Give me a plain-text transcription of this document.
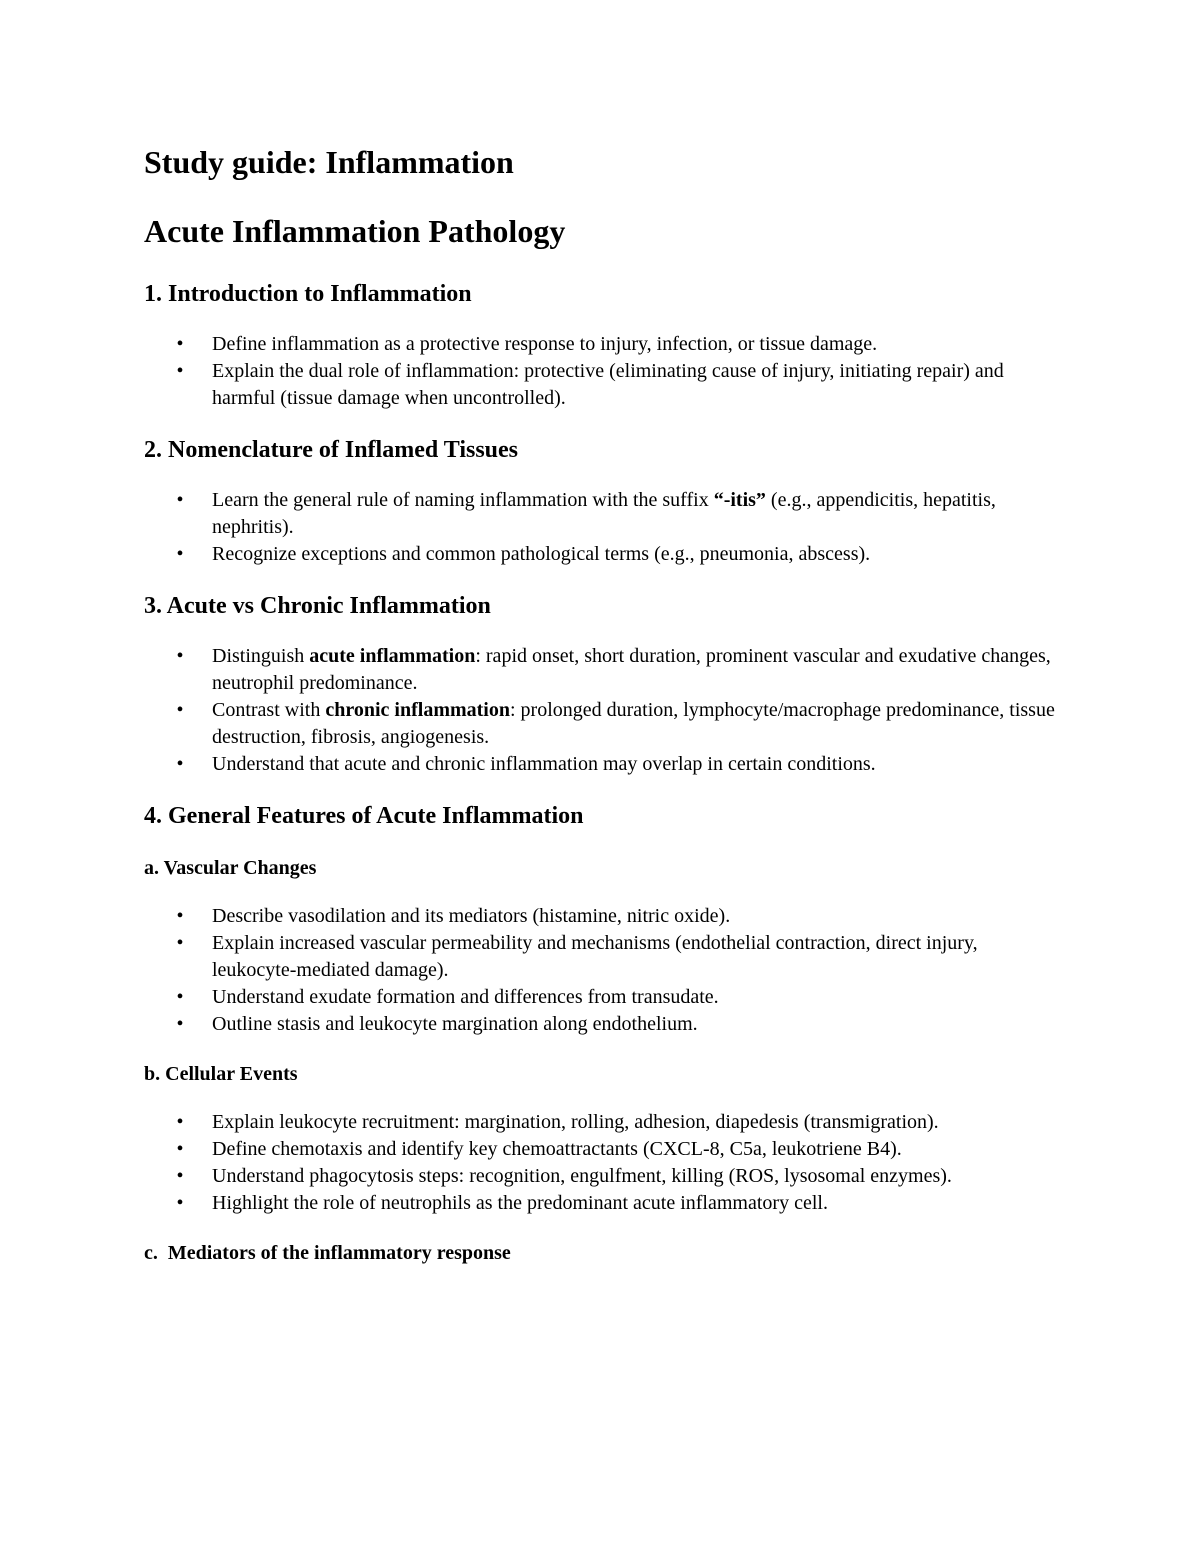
Study guide: Inflammation
Acute Inflammation Pathology
1. Introduction to Inflammation
• Define inflammation as a protective response to injury, infection, or tissue damage.
• Explain the dual role of inflammation: protective (eliminating cause of injury, initiating repair) and harmful (tissue damage when uncontrolled).
2. Nomenclature of Inflamed Tissues
• Learn the general rule of naming inflammation with the suffix “-itis” (e.g., appendicitis, hepatitis, nephritis).
• Recognize exceptions and common pathological terms (e.g., pneumonia, abscess).
3. Acute vs Chronic Inflammation
• Distinguish acute inflammation: rapid onset, short duration, prominent vascular and exudative changes, neutrophil predominance.
• Contrast with chronic inflammation: prolonged duration, lymphocyte/macrophage predominance, tissue destruction, fibrosis, angiogenesis.
• Understand that acute and chronic inflammation may overlap in certain conditions.
4. General Features of Acute Inflammation
a. Vascular Changes
• Describe vasodilation and its mediators (histamine, nitric oxide).
• Explain increased vascular permeability and mechanisms (endothelial contraction, direct injury, leukocyte-mediated damage).
• Understand exudate formation and differences from transudate.
• Outline stasis and leukocyte margination along endothelium.
b. Cellular Events
• Explain leukocyte recruitment: margination, rolling, adhesion, diapedesis (transmigration).
• Define chemotaxis and identify key chemoattractants (CXCL-8, C5a, leukotriene B4).
• Understand phagocytosis steps: recognition, engulfment, killing (ROS, lysosomal enzymes).
• Highlight the role of neutrophils as the predominant acute inflammatory cell.
c.  Mediators of the inflammatory response
